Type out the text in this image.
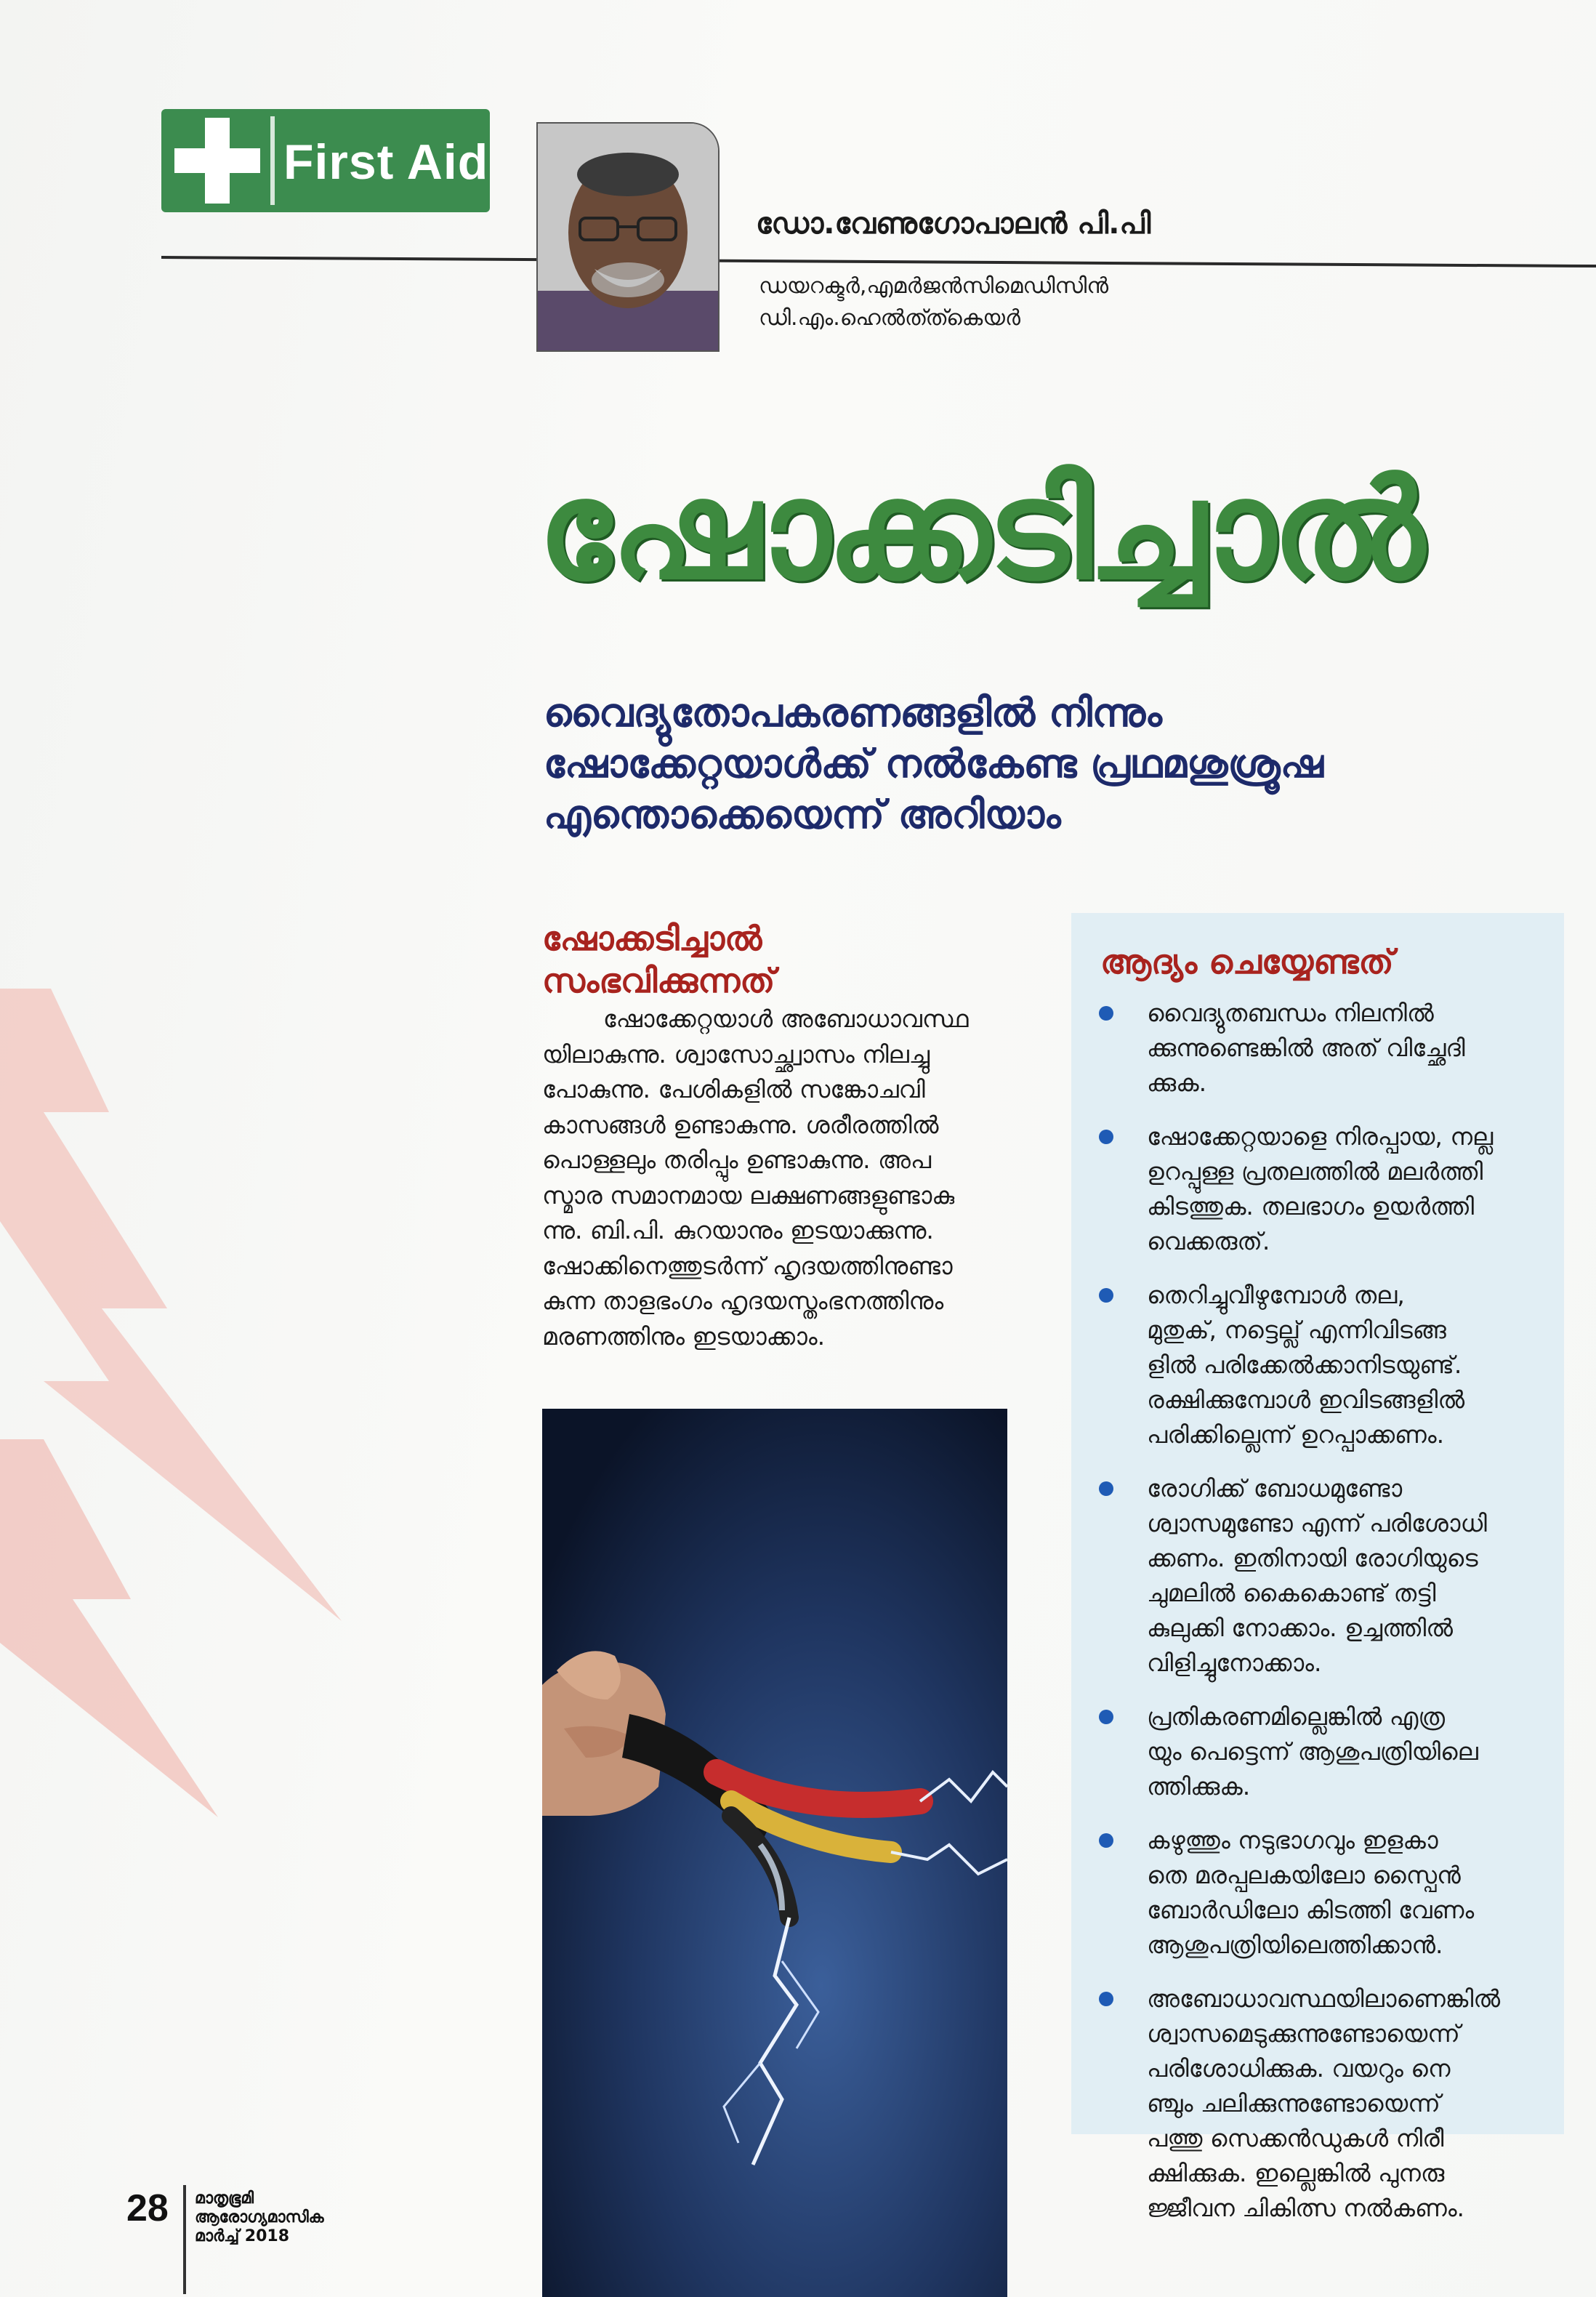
First Aid
ഡോ.വേണുഗോപാലൻ പി.പി
ഡയറക്ടർ,എമർജൻസിമെഡിസിൻ
ഡി.എം.ഹെൽത്ത്കെയർ
ഷോക്കടിച്ചാൽ
വൈദ്യുതോപകരണങ്ങളിൽ നിന്നും
ഷോക്കേറ്റയാൾക്ക് നൽകേണ്ട പ്രഥമശുശ്രൂഷ
എന്തൊക്കെയെന്ന് അറിയാം
ഷോക്കടിച്ചാൽ
സംഭവിക്കുന്നത്
ഷോക്കേറ്റയാൾ അബോധാവസ്ഥ
യിലാകുന്നു. ശ്വാസോച്ഛ്വാസം നിലച്ചു
പോകുന്നു. പേശികളിൽ സങ്കോചവി
കാസങ്ങൾ ഉണ്ടാകുന്നു. ശരീരത്തിൽ
പൊള്ളലും തരിപ്പും ഉണ്ടാകുന്നു. അപ
സ്മാര സമാനമായ ലക്ഷണങ്ങളുണ്ടാകു
ന്നു. ബി.പി. കുറയാനും ഇടയാക്കുന്നു.
ഷോക്കിനെത്തുടർന്ന് ഹൃദയത്തിനുണ്ടാ
കുന്ന താളഭംഗം ഹൃദയസ്തംഭനത്തിനും
മരണത്തിനും ഇടയാക്കാം.
ആദ്യം ചെയ്യേണ്ടത്
വൈദ്യുതബന്ധം നിലനിൽ
ക്കുന്നുണ്ടെങ്കിൽ അത് വിച്ഛേദി
ക്കുക.
ഷോക്കേറ്റയാളെ നിരപ്പായ, നല്ല
ഉറപ്പുള്ള പ്രതലത്തിൽ മലർത്തി
കിടത്തുക. തലഭാഗം ഉയർത്തി
വെക്കരുത്.
തെറിച്ചുവീഴുമ്പോൾ തല,
മുതുക്, നട്ടെല്ല് എന്നിവിടങ്ങ
ളിൽ പരിക്കേൽക്കാനിടയുണ്ട്.
രക്ഷിക്കുമ്പോൾ ഇവിടങ്ങളിൽ
പരിക്കില്ലെന്ന് ഉറപ്പാക്കണം.
രോഗിക്ക് ബോധമുണ്ടോ
ശ്വാസമുണ്ടോ എന്ന് പരിശോധി
ക്കണം. ഇതിനായി രോഗിയുടെ
ചുമലിൽ കൈകൊണ്ട് തട്ടി
കുലുക്കി നോക്കാം. ഉച്ചത്തിൽ
വിളിച്ചുനോക്കാം.
പ്രതികരണമില്ലെങ്കിൽ എത്ര
യും പെട്ടെന്ന് ആശുപത്രിയിലെ
ത്തിക്കുക.
കഴുത്തും നടുഭാഗവും ഇളകാ
തെ മരപ്പലകയിലോ സ്പൈൻ
ബോർഡിലോ കിടത്തി വേണം
ആശുപത്രിയിലെത്തിക്കാൻ.
അബോധാവസ്ഥയിലാണെങ്കിൽ
ശ്വാസമെടുക്കുന്നുണ്ടോയെന്ന്
പരിശോധിക്കുക. വയറും നെ
ഞ്ചും ചലിക്കുന്നുണ്ടോയെന്ന്
പത്തു സെക്കൻഡുകൾ നിരീ
ക്ഷിക്കുക. ഇല്ലെങ്കിൽ പുനരു
ജ്ജീവന ചികിത്സ നൽകണം.
28 മാതൃഭൂമി
ആരോഗ്യമാസിക
മാർച്ച് 2018
